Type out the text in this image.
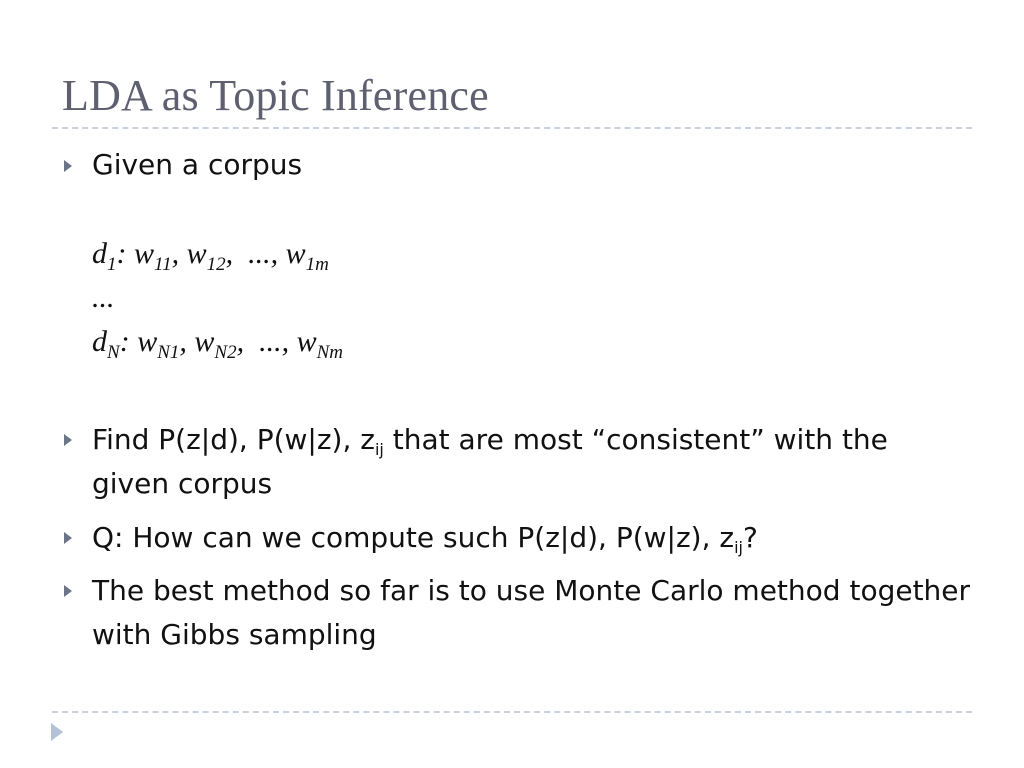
LDA as Topic Inference
Given a corpus
$d_1$: $w_{11}$, $w_{12}$,  ..., $w_{1m}$
...
$d_N$: $w_{N1}$, $w_{N2}$,  ..., $w_{Nm}$
Find P(z|d), P(w|z), $z_{ij}$ that are most “consistent” with the given corpus
Q: How can we compute such P(z|d), P(w|z), $z_{ij}$?
The best method so far is to use Monte Carlo method together with Gibbs sampling
